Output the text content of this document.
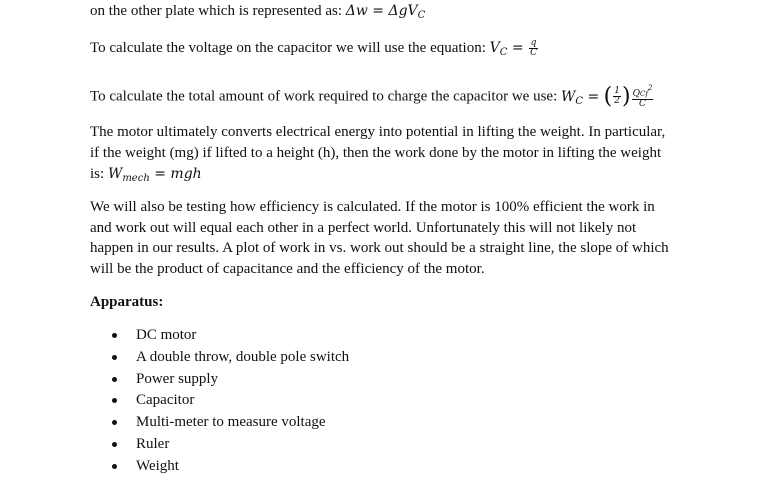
on the other plate which is represented as: Δw = ΔgV$_C$
To calculate the voltage on the capacitor we will use the equation: $V_C = \frac{q}{C}$
To calculate the total amount of work required to charge the capacitor we use: $W_C$ = ( $\frac{1}{2}$ ) $\frac{QCf^2}{C}$
The motor ultimately converts electrical energy into potential in lifting the weight. In particular,
if the weight (mg) if lifted to a height (h), then the work done by the motor in lifting the weight
is: $W_{mech}$ = mgh
We will also be testing how efficiency is calculated. If the motor is 100% efficient the work in
and work out will equal each other in a perfect world. Unfortunately this will not likely not
happen in our results. A plot of work in vs. work out should be a straight line, the slope of which
will be the product of capacitance and the efficiency of the motor.
Apparatus:
DC motor
A double throw, double pole switch
Power supply
Capacitor
Multi-meter to measure voltage
Ruler
Weight
